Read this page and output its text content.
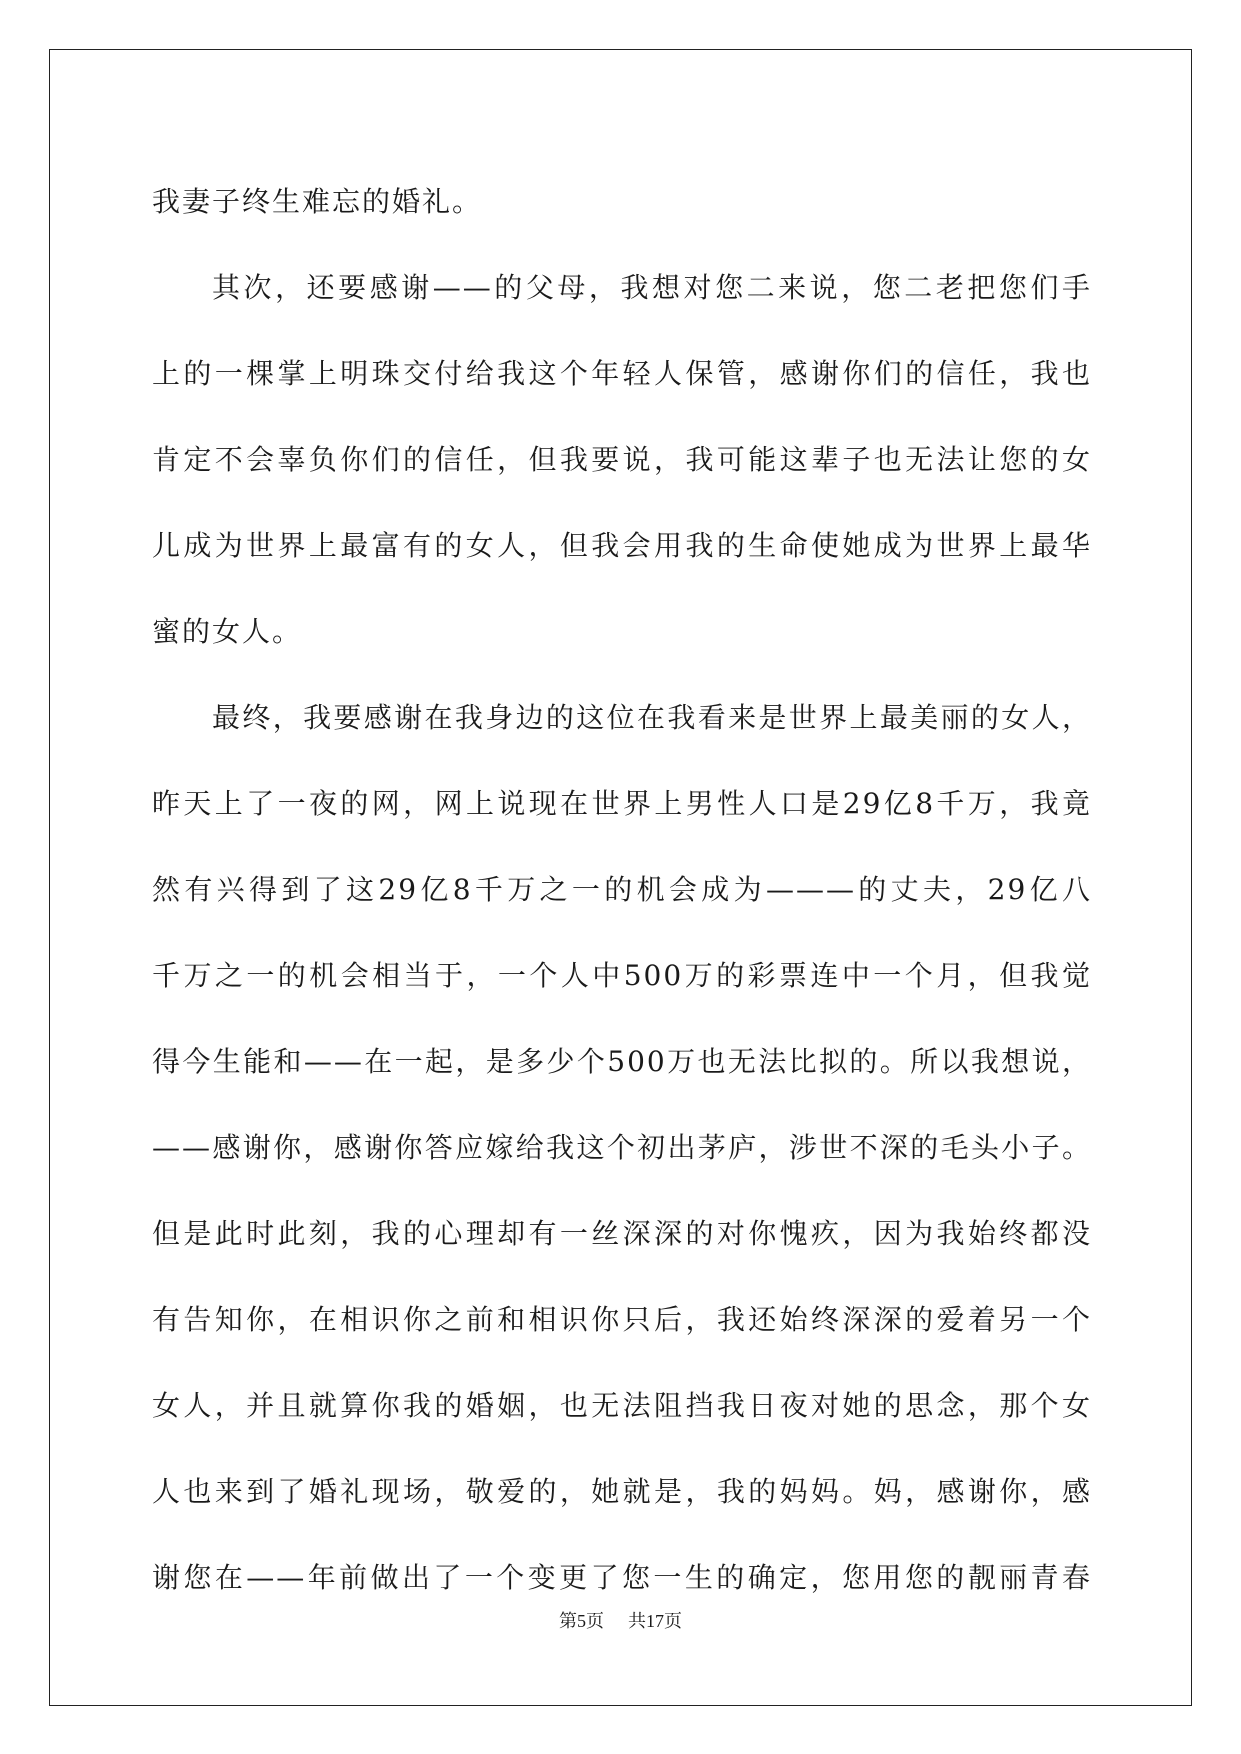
我妻子终生难忘的婚礼。
其次，还要感谢——的父母，我想对您二来说，您二老把您们手
上的一棵掌上明珠交付给我这个年轻人保管，感谢你们的信任，我也
肯定不会辜负你们的信任，但我要说，我可能这辈子也无法让您的女
儿成为世界上最富有的女人，但我会用我的生命使她成为世界上最华
蜜的女人。
最终，我要感谢在我身边的这位在我看来是世界上最美丽的女人，
昨天上了一夜的网，网上说现在世界上男性人口是29亿8千万，我竟
然有兴得到了这29亿8千万之一的机会成为———的丈夫，29亿八
千万之一的机会相当于，一个人中500万的彩票连中一个月，但我觉
得今生能和——在一起，是多少个500万也无法比拟的。所以我想说，
——感谢你，感谢你答应嫁给我这个初出茅庐，涉世不深的毛头小子。
但是此时此刻，我的心理却有一丝深深的对你愧疚，因为我始终都没
有告知你，在相识你之前和相识你只后，我还始终深深的爱着另一个
女人，并且就算你我的婚姻，也无法阻挡我日夜对她的思念，那个女
人也来到了婚礼现场，敬爱的，她就是，我的妈妈。妈，感谢你，感
谢您在——年前做出了一个变更了您一生的确定，您用您的靓丽青春
第5页 共17页
